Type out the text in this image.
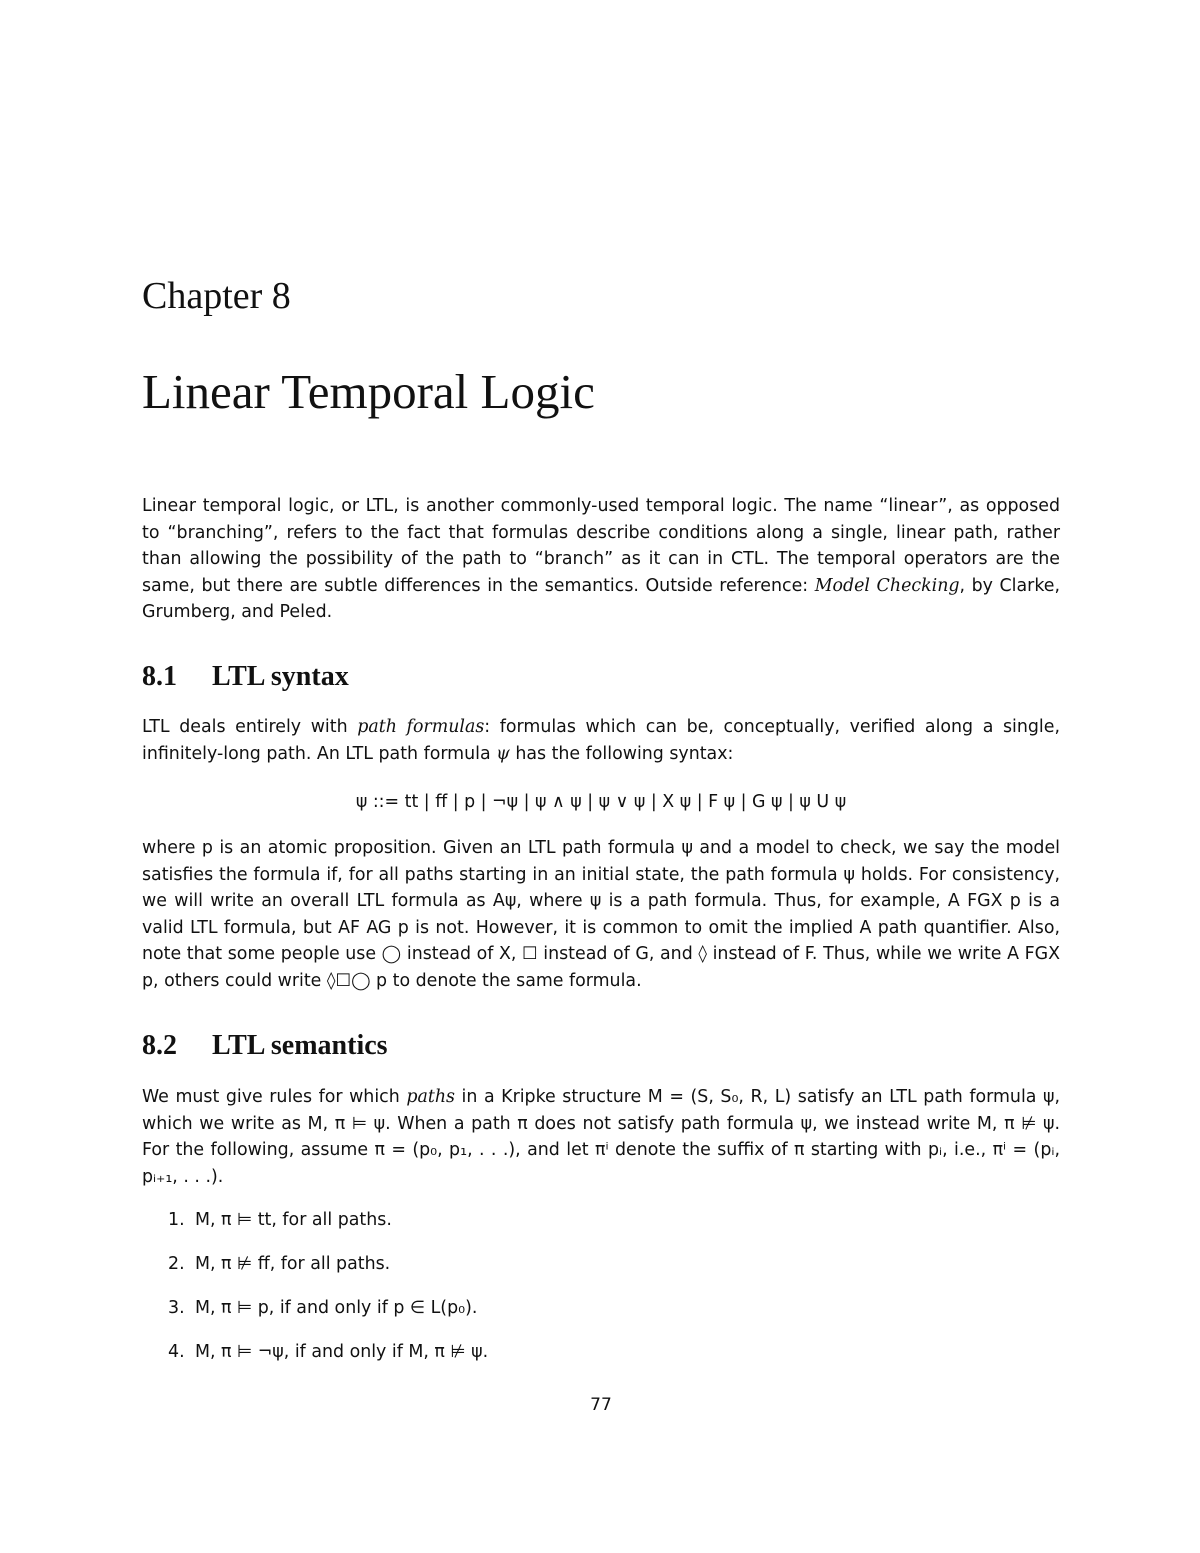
Chapter 8
Linear Temporal Logic

Linear temporal logic, or LTL, is another commonly-used temporal logic. The name “linear”, as opposed to “branching”, refers to the fact that formulas describe conditions along a single, linear path, rather than allowing the possibility of the path to “branch” as it can in CTL. The temporal operators are the same, but there are subtle differences in the semantics. Outside reference: Model Checking, by Clarke, Grumberg, and Peled.

8.1 LTL syntax

LTL deals entirely with path formulas: formulas which can be, conceptually, verified along a single, infinitely-long path. An LTL path formula ψ has the following syntax:

ψ ::= tt | ff | p | ¬ψ | ψ ∧ ψ | ψ ∨ ψ | X ψ | F ψ | G ψ | ψ U ψ

where p is an atomic proposition. Given an LTL path formula ψ and a model to check, we say the model satisfies the formula if, for all paths starting in an initial state, the path formula ψ holds. For consistency, we will write an overall LTL formula as Aψ, where ψ is a path formula. Thus, for example, A FGX p is a valid LTL formula, but AF AG p is not. However, it is common to omit the implied A path quantifier. Also, note that some people use ◯ instead of X, ☐ instead of G, and ◊ instead of F. Thus, while we write A FGX p, others could write ◊☐◯ p to denote the same formula.

8.2 LTL semantics

We must give rules for which paths in a Kripke structure M = (S, S₀, R, L) satisfy an LTL path formula ψ, which we write as M, π ⊨ ψ. When a path π does not satisfy path formula ψ, we instead write M, π ⊭ ψ. For the following, assume π = (p₀, p₁, . . .), and let πⁱ denote the suffix of π starting with pᵢ, i.e., πⁱ = (pᵢ, pᵢ₊₁, . . .).

1. M, π ⊨ tt, for all paths.
2. M, π ⊭ ff, for all paths.
3. M, π ⊨ p, if and only if p ∈ L(p₀).
4. M, π ⊨ ¬ψ, if and only if M, π ⊭ ψ.
77
